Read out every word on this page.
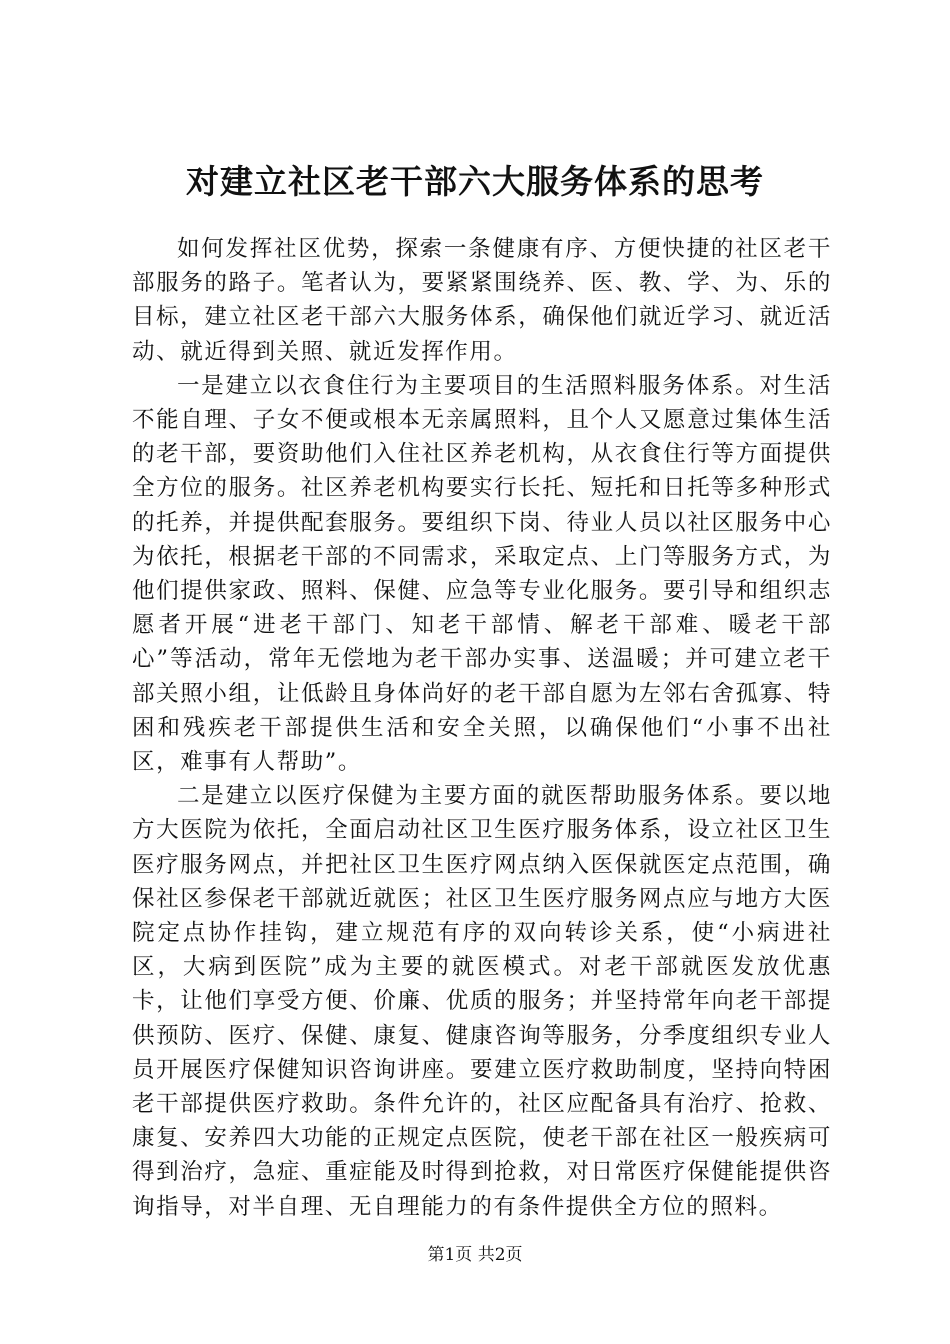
对建立社区老干部六大服务体系的思考

如何发挥社区优势，探索一条健康有序、方便快捷的社区老干部服务的路子。笔者认为，要紧紧围绕养、医、教、学、为、乐的目标，建立社区老干部六大服务体系，确保他们就近学习、就近活动、就近得到关照、就近发挥作用。

一是建立以衣食住行为主要项目的生活照料服务体系。对生活不能自理、子女不便或根本无亲属照料，且个人又愿意过集体生活的老干部，要资助他们入住社区养老机构，从衣食住行等方面提供全方位的服务。社区养老机构要实行长托、短托和日托等多种形式的托养，并提供配套服务。要组织下岗、待业人员以社区服务中心为依托，根据老干部的不同需求，采取定点、上门等服务方式，为他们提供家政、照料、保健、应急等专业化服务。要引导和组织志愿者开展“进老干部门、知老干部情、解老干部难、暖老干部心”等活动，常年无偿地为老干部办实事、送温暖；并可建立老干部关照小组，让低龄且身体尚好的老干部自愿为左邻右舍孤寡、特困和残疾老干部提供生活和安全关照，以确保他们“小事不出社区，难事有人帮助”。

二是建立以医疗保健为主要方面的就医帮助服务体系。要以地方大医院为依托，全面启动社区卫生医疗服务体系，设立社区卫生医疗服务网点，并把社区卫生医疗网点纳入医保就医定点范围，确保社区参保老干部就近就医；社区卫生医疗服务网点应与地方大医院定点协作挂钩，建立规范有序的双向转诊关系，使“小病进社区，大病到医院”成为主要的就医模式。对老干部就医发放优惠卡，让他们享受方便、价廉、优质的服务；并坚持常年向老干部提供预防、医疗、保健、康复、健康咨询等服务，分季度组织专业人员开展医疗保健知识咨询讲座。要建立医疗救助制度，坚持向特困老干部提供医疗救助。条件允许的，社区应配备具有治疗、抢救、康复、安养四大功能的正规定点医院，使老干部在社区一般疾病可得到治疗，急症、重症能及时得到抢救，对日常医疗保健能提供咨询指导，对半自理、无自理能力的有条件提供全方位的照料。

第1页 共2页
